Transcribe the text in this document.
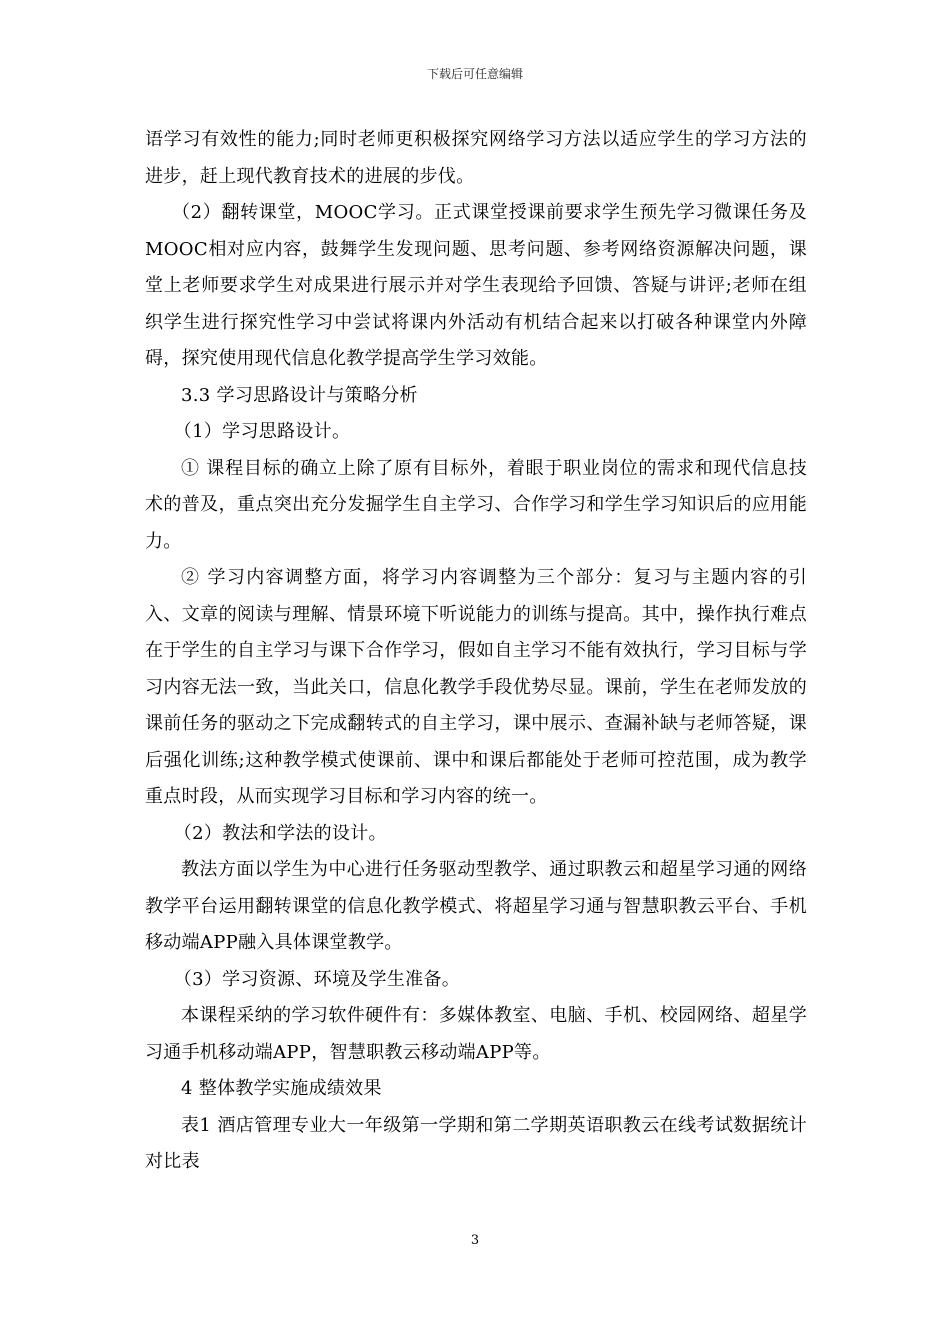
下载后可任意编辑

语学习有效性的能力;同时老师更积极探究网络学习方法以适应学生的学习方法的进步，赶上现代教育技术的进展的步伐。

（2）翻转课堂，MOOC学习。正式课堂授课前要求学生预先学习微课任务及MOOC相对应内容，鼓舞学生发现问题、思考问题、参考网络资源解决问题，课堂上老师要求学生对成果进行展示并对学生表现给予回馈、答疑与讲评;老师在组织学生进行探究性学习中尝试将课内外活动有机结合起来以打破各种课堂内外障碍，探究使用现代信息化教学提高学生学习效能。

3.3 学习思路设计与策略分析

（1）学习思路设计。

① 课程目标的确立上除了原有目标外，着眼于职业岗位的需求和现代信息技术的普及，重点突出充分发掘学生自主学习、合作学习和学生学习知识后的应用能力。

② 学习内容调整方面，将学习内容调整为三个部分：复习与主题内容的引入、文章的阅读与理解、情景环境下听说能力的训练与提高。其中，操作执行难点在于学生的自主学习与课下合作学习，假如自主学习不能有效执行，学习目标与学习内容无法一致，当此关口，信息化教学手段优势尽显。课前，学生在老师发放的课前任务的驱动之下完成翻转式的自主学习，课中展示、查漏补缺与老师答疑，课后强化训练;这种教学模式使课前、课中和课后都能处于老师可控范围，成为教学重点时段，从而实现学习目标和学习内容的统一。

（2）教法和学法的设计。

教法方面以学生为中心进行任务驱动型教学、通过职教云和超星学习通的网络教学平台运用翻转课堂的信息化教学模式、将超星学习通与智慧职教云平台、手机移动端APP融入具体课堂教学。

（3）学习资源、环境及学生准备。

本课程采纳的学习软件硬件有：多媒体教室、电脑、手机、校园网络、超星学习通手机移动端APP，智慧职教云移动端APP等。

4 整体教学实施成绩效果

表1 酒店管理专业大一年级第一学期和第二学期英语职教云在线考试数据统计对比表

3
